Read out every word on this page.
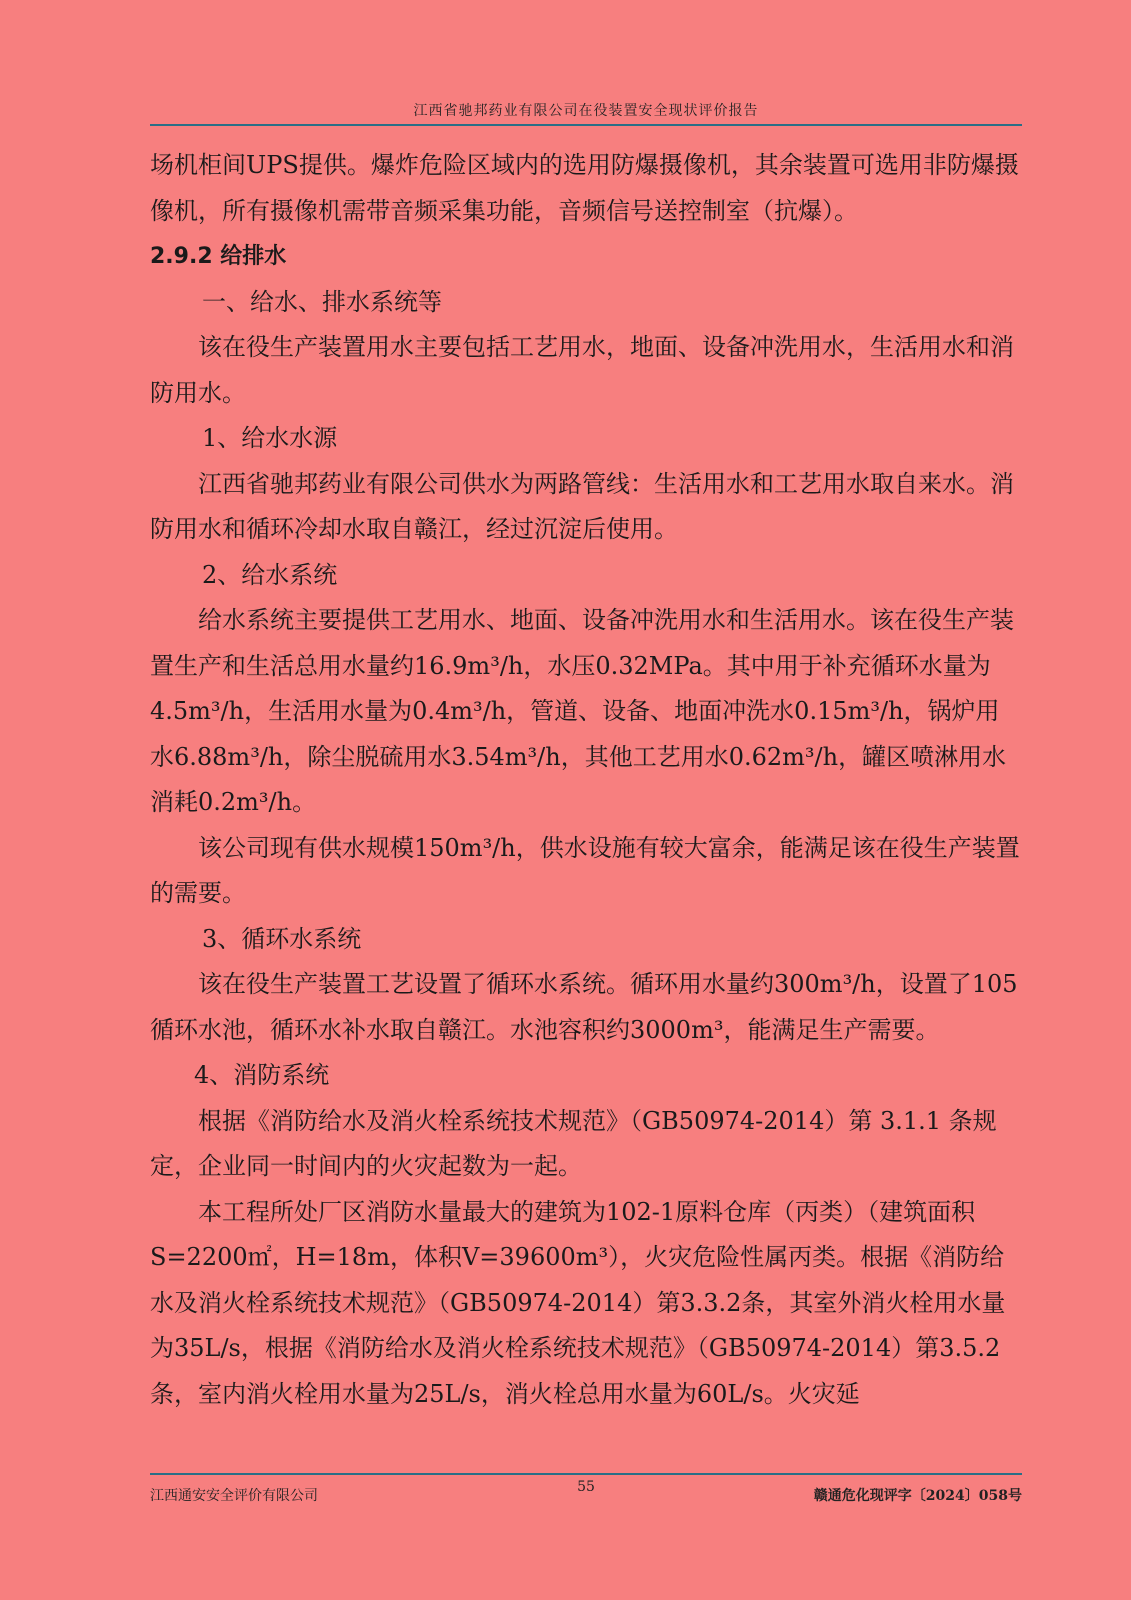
江西省驰邦药业有限公司在役装置安全现状评价报告

场机柜间UPS提供。爆炸危险区域内的选用防爆摄像机，其余装置可选用非防爆摄像机，所有摄像机需带音频采集功能，音频信号送控制室（抗爆）。

2.9.2 给排水

一、给水、排水系统等

该在役生产装置用水主要包括工艺用水，地面、设备冲洗用水，生活用水和消防用水。

1、给水水源

江西省驰邦药业有限公司供水为两路管线：生活用水和工艺用水取自来水。消防用水和循环冷却水取自赣江，经过沉淀后使用。

2、给水系统

给水系统主要提供工艺用水、地面、设备冲洗用水和生活用水。该在役生产装置生产和生活总用水量约16.9m³/h，水压0.32MPa。其中用于补充循环水量为4.5m³/h，生活用水量为0.4m³/h，管道、设备、地面冲洗水0.15m³/h，锅炉用水6.88m³/h，除尘脱硫用水3.54m³/h，其他工艺用水0.62m³/h，罐区喷淋用水消耗0.2m³/h。

该公司现有供水规模150m³/h，供水设施有较大富余，能满足该在役生产装置的需要。

3、循环水系统

该在役生产装置工艺设置了循环水系统。循环用水量约300m³/h，设置了105循环水池，循环水补水取自赣江。水池容积约3000m³，能满足生产需要。

4、消防系统

根据《消防给水及消火栓系统技术规范》（GB50974-2014）第 3.1.1 条规定，企业同一时间内的火灾起数为一起。

本工程所处厂区消防水量最大的建筑为102-1原料仓库（丙类）（建筑面积S=2200㎡，H=18m，体积V=39600m³），火灾危险性属丙类。根据《消防给水及消火栓系统技术规范》（GB50974-2014）第3.3.2条，其室外消火栓用水量为35L/s，根据《消防给水及消火栓系统技术规范》（GB50974-2014）第3.5.2条，室内消火栓用水量为25L/s，消火栓总用水量为60L/s。火灾延

江西通安安全评价有限公司
55
赣通危化现评字〔2024〕058号
